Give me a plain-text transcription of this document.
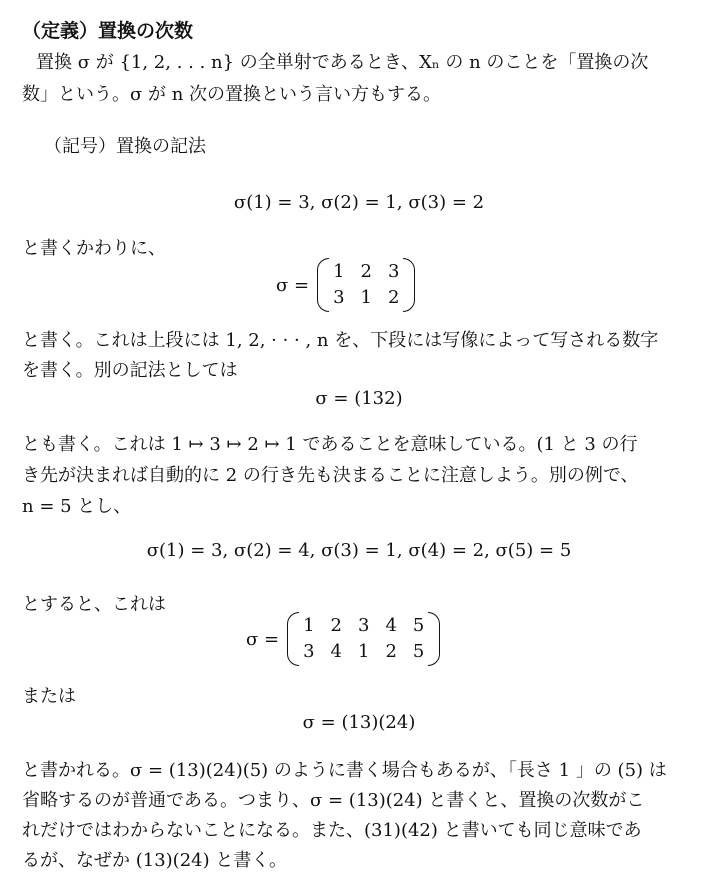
（定義）置換の次数
置換 σ が {1, 2, . . . n} の全単射であるとき、Xₙ の n のことを「置換の次
数」という。σ が n 次の置換という言い方もする。
（記号）置換の記法
σ(1) = 3, σ(2) = 1, σ(3) = 2
と書くかわりに、
σ =
1 2 3
3 1 2
と書く。これは上段には 1, 2, · · · , n を、下段には写像によって写される数字
を書く。別の記法としては
σ = (132)
とも書く。これは 1 ↦ 3 ↦ 2 ↦ 1 であることを意味している。(1 と 3 の行
き先が決まれば自動的に 2 の行き先も決まることに注意しよう。別の例で、
n = 5 とし、
σ(1) = 3, σ(2) = 4, σ(3) = 1, σ(4) = 2, σ(5) = 5
とすると、これは
σ =
1 2 3 4 5
3 4 1 2 5
または
σ = (13)(24)
と書かれる。σ = (13)(24)(5) のように書く場合もあるが、「長さ 1 」の (5) は
省略するのが普通である。つまり、σ = (13)(24) と書くと、置換の次数がこ
れだけではわからないことになる。また、(31)(42) と書いても同じ意味であ
るが、なぜか (13)(24) と書く。
